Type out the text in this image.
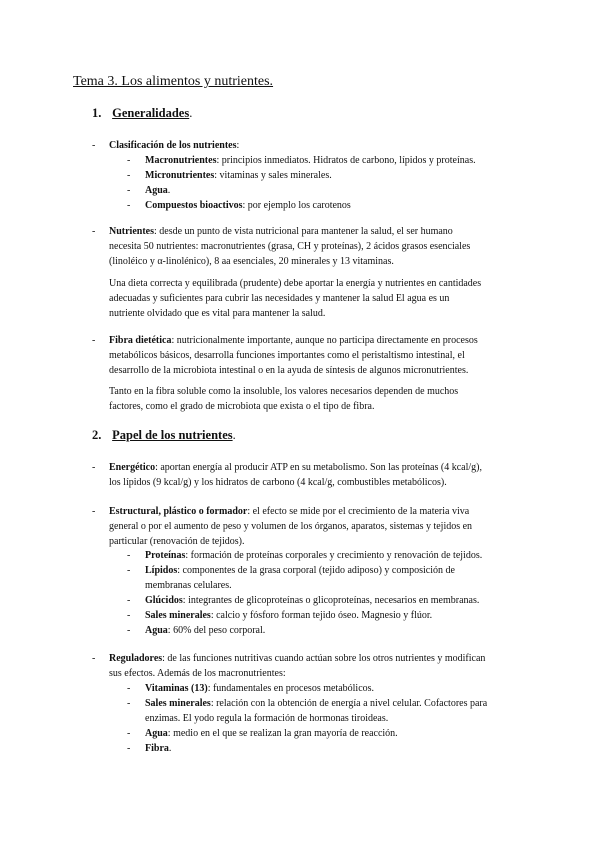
Tema 3. Los alimentos y nutrientes.
1. Generalidades.
- Clasificación de los nutrientes:

- Macronutrientes: principios inmediatos. Hidratos de carbono, lípidos y proteínas.

- Micronutrientes: vitaminas y sales minerales.

- Agua.

- Compuestos bioactivos: por ejemplo los carotenos

- Nutrientes: desde un punto de vista nutricional para mantener la salud, el ser humano
necesita 50 nutrientes: macronutrientes (grasa, CH y proteínas), 2 ácidos grasos esenciales
(linoléico y α-linolénico), 8 aa esenciales, 20 minerales y 13 vitaminas.

Una dieta correcta y equilibrada (prudente) debe aportar la energía y nutrientes en cantidades
adecuadas y suficientes para cubrir las necesidades y mantener la salud El agua es un
nutriente olvidado que es vital para mantener la salud.

- Fibra dietética: nutricionalmente importante, aunque no participa directamente en procesos
metabólicos básicos, desarrolla funciones importantes como el peristaltismo intestinal, el
desarrollo de la microbiota intestinal o en la ayuda de síntesis de algunos micronutrientes.

Tanto en la fibra soluble como la insoluble, los valores necesarios dependen de muchos
factores, como el grado de microbiota que exista o el tipo de fibra.

2. Papel de los nutrientes.
- Energético: aportan energía al producir ATP en su metabolismo. Son las proteínas (4 kcal/g),
los lípidos (9 kcal/g) y los hidratos de carbono (4 kcal/g, combustibles metabólicos).

- Estructural, plástico o formador: el efecto se mide por el crecimiento de la materia viva
general o por el aumento de peso y volumen de los órganos, aparatos, sistemas y tejidos en
particular (renovación de tejidos).

- Proteínas: formación de proteínas corporales y crecimiento y renovación de tejidos.

- Lípidos: componentes de la grasa corporal (tejido adiposo) y composición de
membranas celulares.

- Glúcidos: integrantes de glicoproteínas o glicoproteínas, necesarios en membranas.

- Sales minerales: calcio y fósforo forman tejido óseo. Magnesio y flúor.

- Agua: 60% del peso corporal.

- Reguladores: de las funciones nutritivas cuando actúan sobre los otros nutrientes y modifican
sus efectos. Además de los macronutrientes:

- Vitaminas (13): fundamentales en procesos metabólicos.

- Sales minerales: relación con la obtención de energía a nivel celular. Cofactores para
enzimas. El yodo regula la formación de hormonas tiroideas.

- Agua: medio en el que se realizan la gran mayoría de reacción.

- Fibra.
